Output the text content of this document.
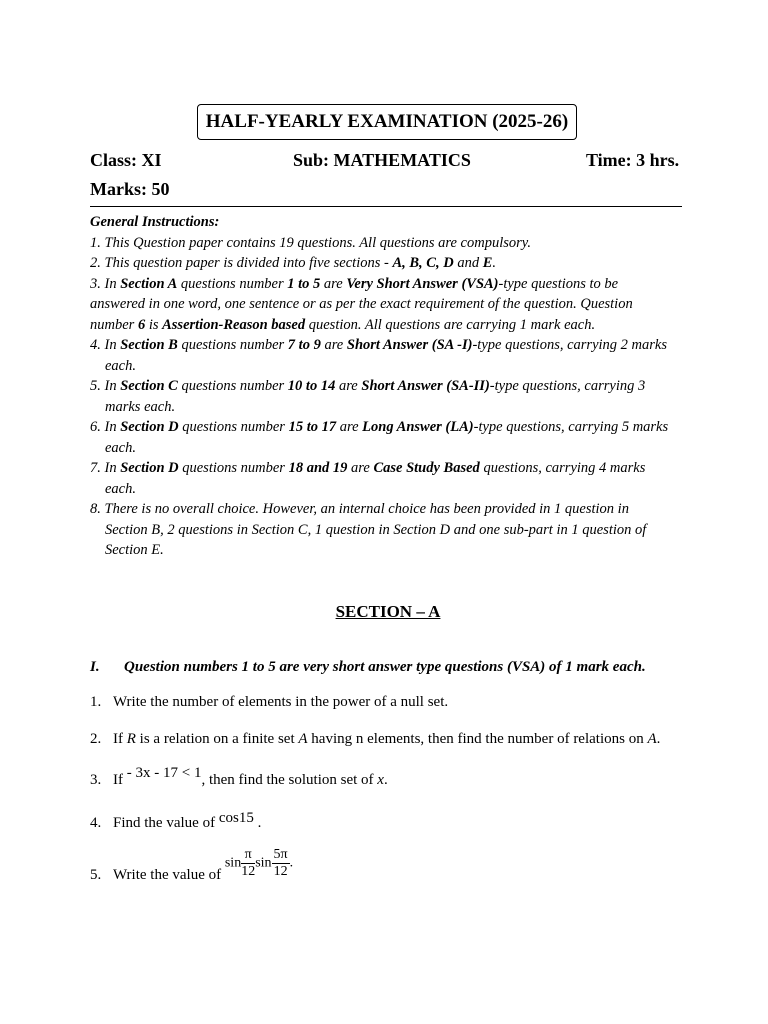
HALF-YEARLY EXAMINATION (2025-26)
Class: XI	Sub: MATHEMATICS	Time: 3 hrs.
Marks: 50

General Instructions:

1. This Question paper contains 19 questions. All questions are compulsory.

2. This question paper is divided into five sections - A, B, C, D and E.

3. In Section A questions number 1 to 5 are Very Short Answer (VSA)-type questions to be answered in one word, one sentence or as per the exact requirement of the question. Question number 6 is Assertion-Reason based question. All questions are carrying 1 mark each.

4. In Section B questions number 7 to 9 are Short Answer (SA -I)-type questions, carrying 2 marks each.

5. In Section C questions number 10 to 14 are Short Answer (SA-II)-type questions, carrying 3 marks each.

6. In Section D questions number 15 to 17 are Long Answer (LA)-type questions, carrying 5 marks each.

7. In Section D questions number 18 and 19 are Case Study Based questions, carrying 4 marks each.

8. There is no overall choice. However, an internal choice has been provided in 1 question in Section B, 2 questions in Section C, 1 question in Section D and one sub-part in 1 question of Section E.

SECTION – A
I. Question numbers 1 to 5 are very short answer type questions (VSA) of 1 mark each.
1. Write the number of elements in the power of a null set.
2. If R is a relation on a finite set A having n elements, then find the number of relations on A.
3. If - 3x - 17 < 1, then find the solution set of x.
4. Find the value of cos15 .
5. Write the value of $\sin \frac{\pi}{12}$ $\sin \frac{5\pi}{12}$ .
